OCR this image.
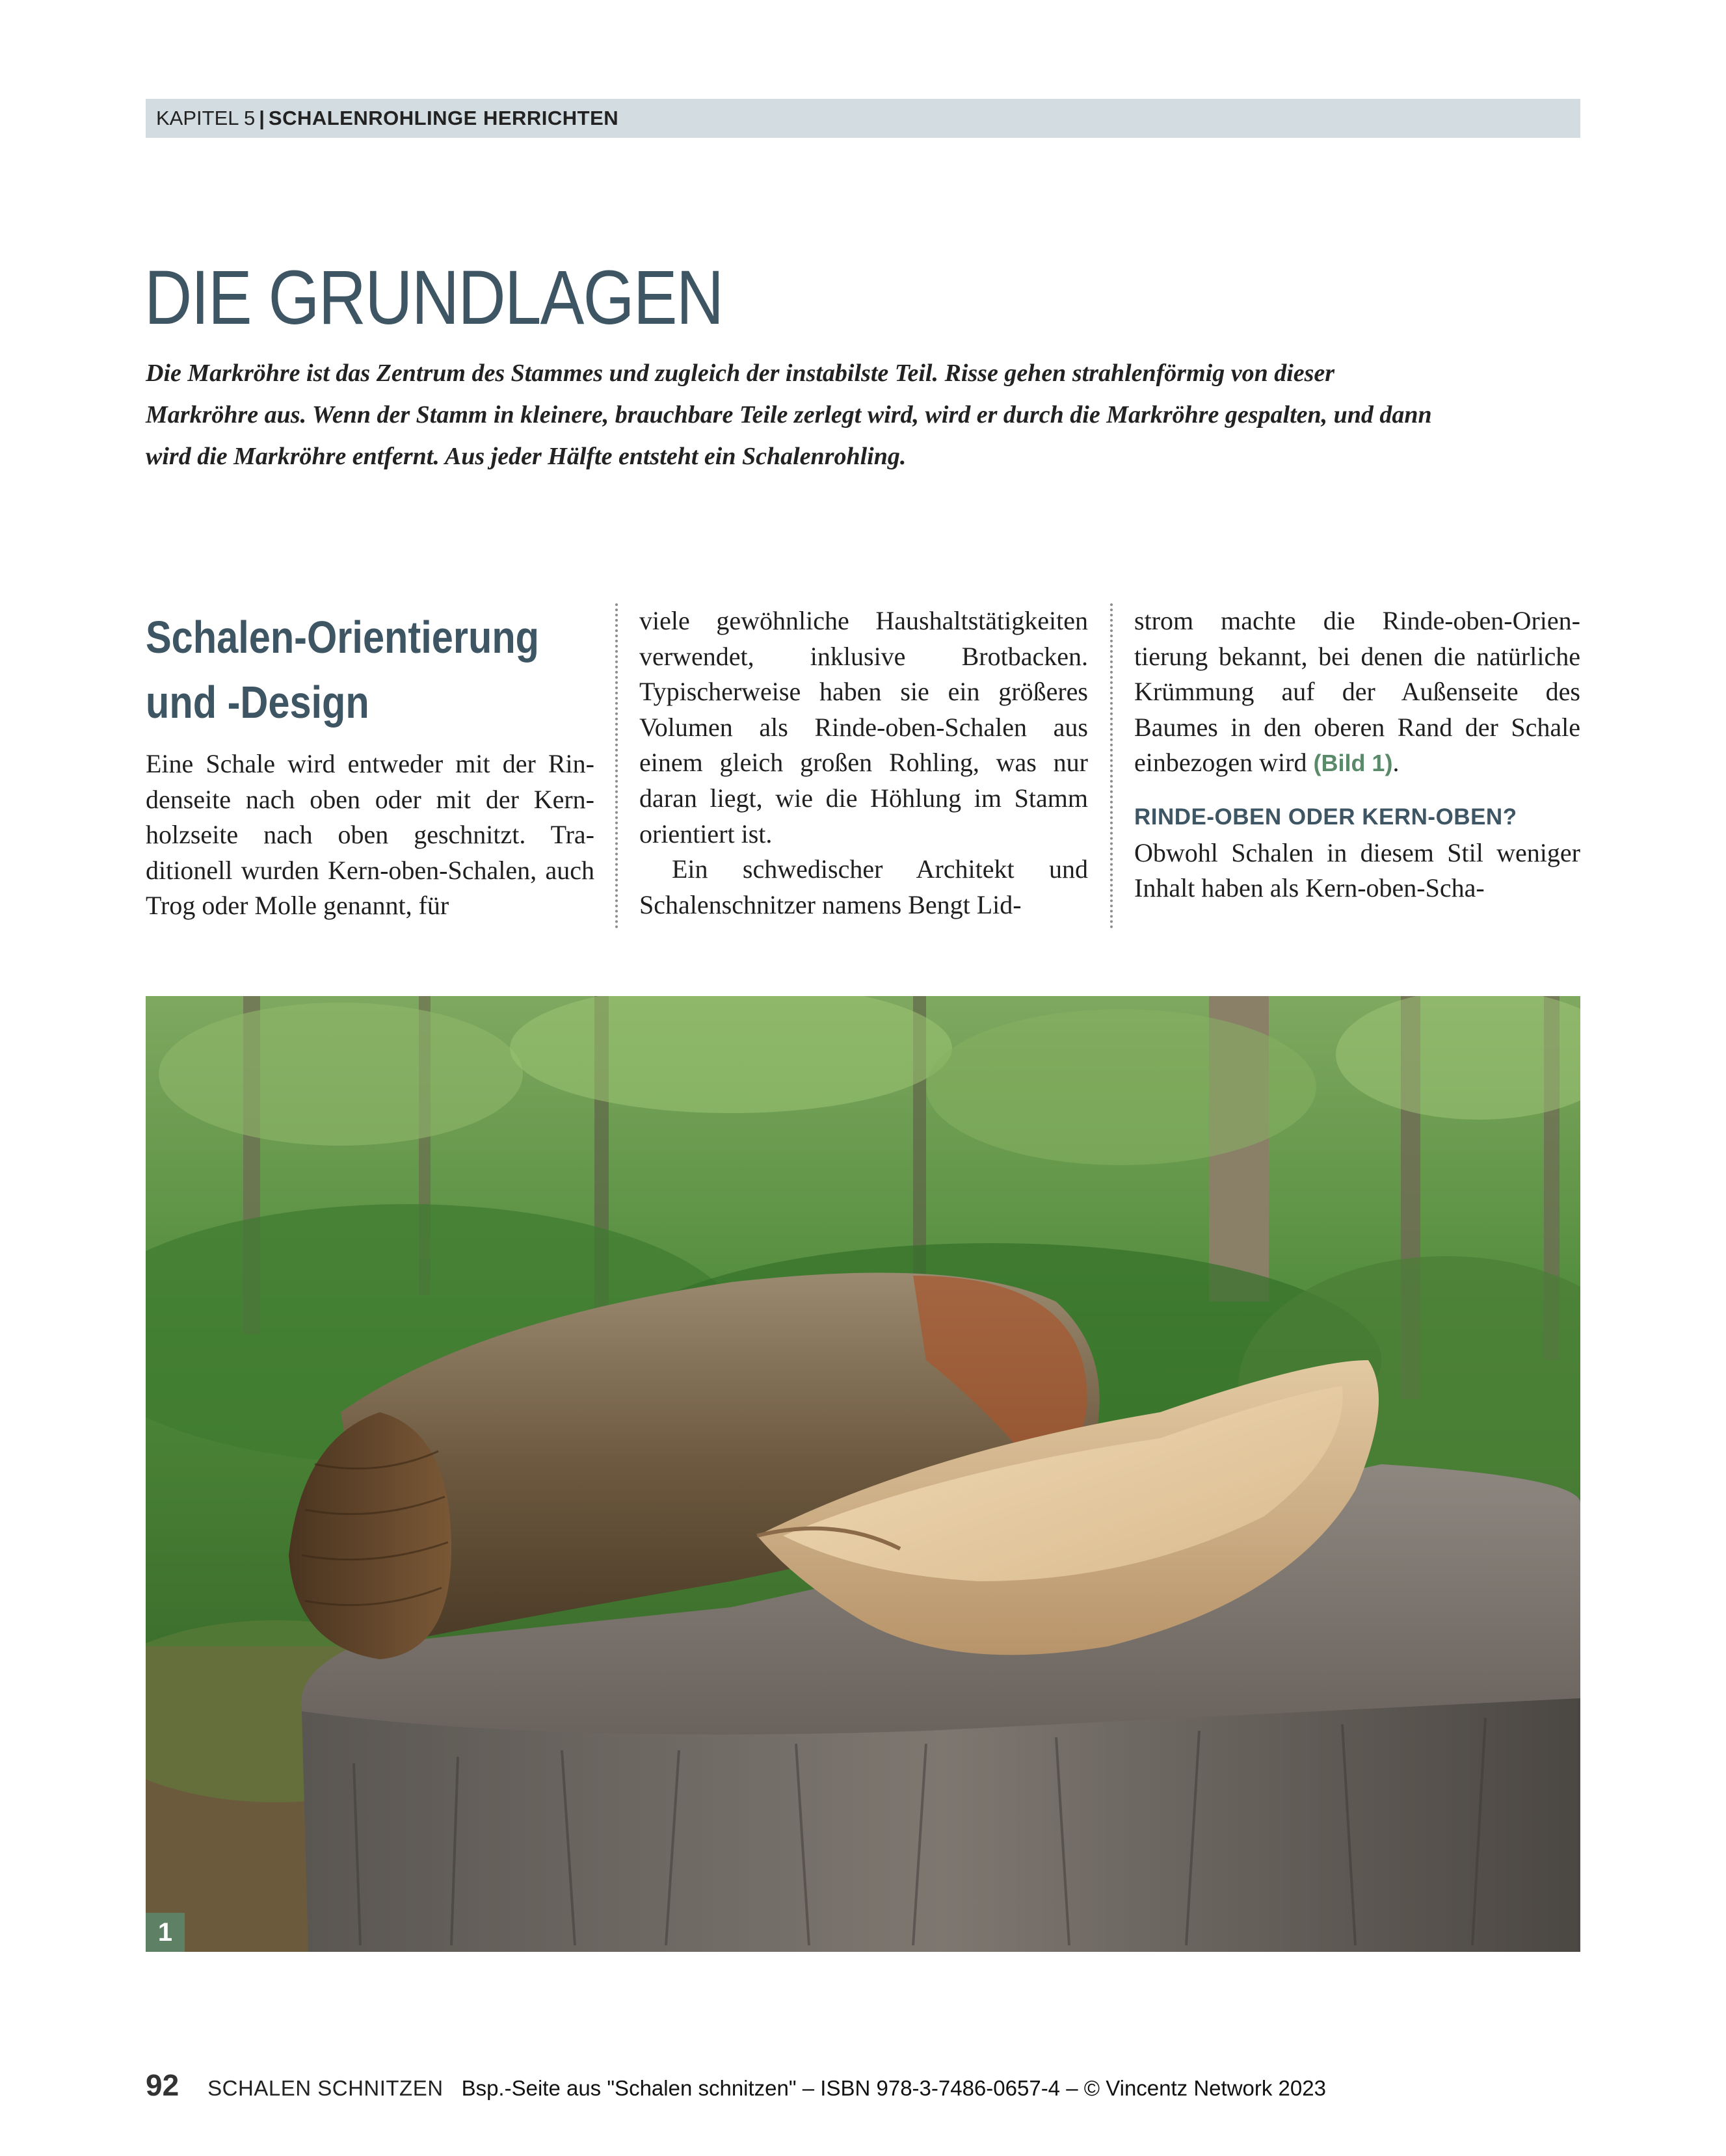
KAPITEL 5 | SCHALENROHLINGE HERRICHTEN
DIE GRUNDLAGEN

Die Markröhre ist das Zentrum des Stammes und zugleich der instabilste Teil. Risse gehen strahlenförmig von dieser Markröhre aus. Wenn der Stamm in kleinere, brauchbare Teile zerlegt wird, wird er durch die Markröhre gespalten, und dann wird die Markröhre entfernt. Aus jeder Hälfte entsteht ein Schalenrohling.

Schalen-Orientierung
und -Design

Eine Schale wird entweder mit der Rindenseite nach oben oder mit der Kernholzseite nach oben geschnitzt. Traditionell wurden Kern-oben-Schalen, auch Trog oder Molle genannt, für

viele gewöhnliche Haushaltstätigkeiten verwendet, inklusive Brotbacken. Typischerweise haben sie ein größeres Volumen als Rinde-oben-Schalen aus einem gleich großen Rohling, was nur daran liegt, wie die Höhlung im Stamm orientiert ist.

Ein schwedischer Architekt und Schalenschnitzer namens Bengt Lid-

strom machte die Rinde-oben-Orientierung bekannt, bei denen die natürliche Krümmung auf der Außenseite des Baumes in den oberen Rand der Schale einbezogen wird (Bild 1).

RINDE-OBEN ODER KERN-OBEN?

Obwohl Schalen in diesem Stil weniger Inhalt haben als Kern-oben-Scha-

1
92 SCHALEN SCHNITZEN Bsp.-Seite aus "Schalen schnitzen" – ISBN 978-3-7486-0657-4 – © Vincentz Network 2023
